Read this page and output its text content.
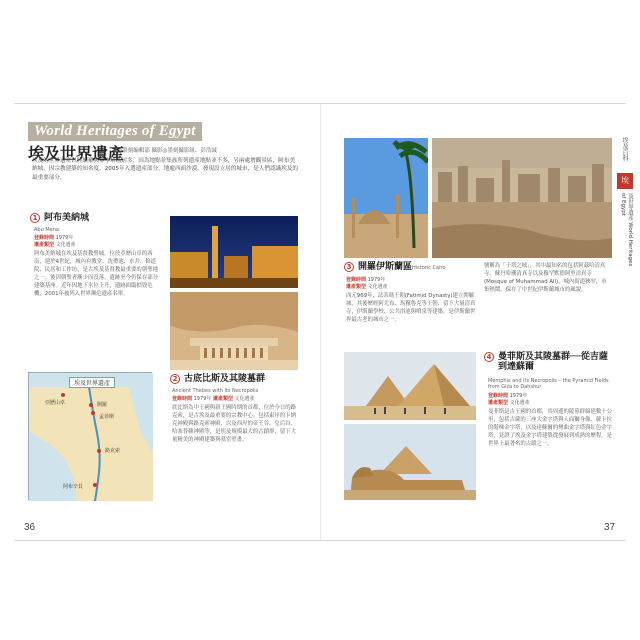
World Heritages of Egypt
埃及世界遺產
文◎墨刻編輯部 攝影◎墨刻攝影組、彭浩誠
埃及的世界遺產以陸續羅與金字塔區居多，因為地點並集族所列遺產地點並不多，另兩處增觀景區，阿布美納城，因宗教建築的知名度，2005年入選遺產部分，地處西面沙漠，發現設立居的城市，是人們認識埃及的最重要部分。
1 阿布美納城
Abu Mena
登錄時間 1979年
遺產類型 文化遺產
阿布美納城在埃及基督教聖城，位於亞歷山卓的西南，建於4世紀，城內有教堂、洗禮池、水井、修道院、民居和工作坊，是古埃及基督教最重要的朝聖地之一。後因朝聖者漸少而沒落，遺跡至今仍保存部分建築基座。近年因地下水位上升，遺跡面臨損毀危機，2001年被列入世界瀕危遺產名單。
埃及世界遺產
亞歷山卓	開羅
孟菲斯
路克索
阿布辛貝
2 古底比斯及其陵墓群
Ancient Thebes with its Necropolis
登錄時間 1979年 遺產類型 文化遺產
底比斯為中王國與新王國時期的首都，位於今日的路克索，是古埃及最重要的宗教中心。包括東岸的卡納克神殿與路克索神殿，以及西岸的帝王谷、皇后谷、哈塞普蘇神殿等，是埃及規模最大的古蹟群，留下大量精美的神殿建築與墓室壁畫。
36
3 開羅伊斯蘭區 Historic Cairo
登錄時間 1979年
遺產類型 文化遺產
西元969年，法蒂瑪王朝(Fatimid Dynasty)建立開羅城，其後歷經阿尤布、馬穆魯克等王朝，留下大量清真寺、伊斯蘭學校、公共浴池與噴泉等建築，是伊斯蘭世界最古老的城市之一。
號稱為「千塔之城」，其中最知名的包括阿茲哈清真寺、蘇丹哈珊清真寺以及穆罕默德阿里清真寺(Mosque of Muhammad Ali)，城內街道狹窄，市集熱鬧，保存了中世紀伊斯蘭城市的風貌。
4 曼菲斯及其陵墓群──從吉薩到達蘇爾
Memphis and its Necropolis – the Pyramid Fields from Giza to Dahshur
登錄時間 1979年
遺產類型 文化遺產
曼菲斯是古王國的首都，其周邊的陵墓群綿延數十公里，包括吉薩的三座大金字塔與人面獅身像、薩卡拉的階梯金字塔，以及達蘇爾的彎曲金字塔與紅色金字塔，見證了埃及金字塔建築從發展到成熟的歷程，是世界上最著名的古蹟之一。
37
埃及百科
埃
及世界遺產 World Heritages of Egypt
